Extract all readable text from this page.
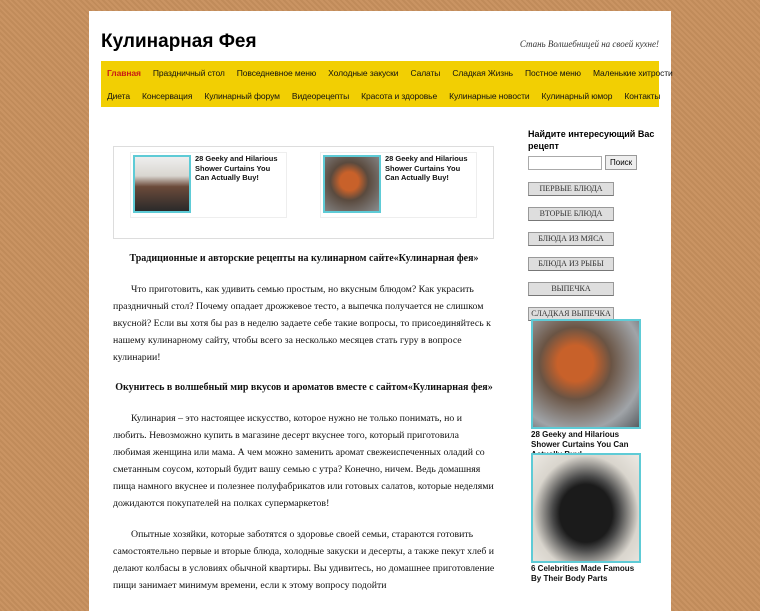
Кулинарная Фея	Стань Волшебницей на своей кухне!
Главная	Праздничный стол	Повседневное меню	Холодные закуски	Салаты	Сладкая Жизнь	Постное меню	Маленькие хитрости
Диета	Консервация	Кулинарный форум	Видеорецепты	Красота и здоровье	Кулинарные новости	Кулинарный юмор	Контакты
28 Geeky and Hilarious Shower Curtains You Can Actually Buy!
28 Geeky and Hilarious Shower Curtains You Can Actually Buy!

Традиционные и авторские рецепты на кулинарном сайте«Кулинарная фея»

Что приготовить, как удивить семью простым, но вкусным блюдом? Как украсить праздничный стол? Почему опадает дрожжевое тесто, а выпечка получается не слишком вкусной? Если вы хотя бы раз в неделю задаете себе такие вопросы, то присоединяйтесь к нашему кулинарному сайту, чтобы всего за несколько месяцев стать гуру в вопросе кулинарии!

Окунитесь в волшебный мир вкусов и ароматов вместе с сайтом«Кулинарная фея»

Кулинария – это настоящее искусство, которое нужно не только понимать, но и любить. Невозможно купить в магазине десерт вкуснее того, который приготовила любимая женщина или мама. А чем можно заменить аромат свежеиспеченных оладий со сметанным соусом, который будит вашу семью с утра? Конечно, ничем. Ведь домашняя пища намного вкуснее и полезнее полуфабрикатов или готовых салатов, которые неделями дожидаются покупателей на полках супермаркетов!

Опытные хозяйки, которые заботятся о здоровье своей семьи, стараются готовить самостоятельно первые и вторые блюда, холодные закуски и десерты, а также пекут хлеб и делают колбасы в условиях обычной квартиры. Вы удивитесь, но домашнее приготовление пищи занимает минимум времени, если к этому вопросу подойти

Найдите интересующий Вас рецепт

Поиск
ПЕРВЫЕ БЛЮДА
ВТОРЫЕ БЛЮДА
БЛЮДА ИЗ МЯСА
БЛЮДА ИЗ РЫБЫ
ВЫПЕЧКА
СЛАДКАЯ ВЫПЕЧКА
28 Geeky and Hilarious Shower Curtains You Can
6 Celebrities Made Famous By Their Body Parts
